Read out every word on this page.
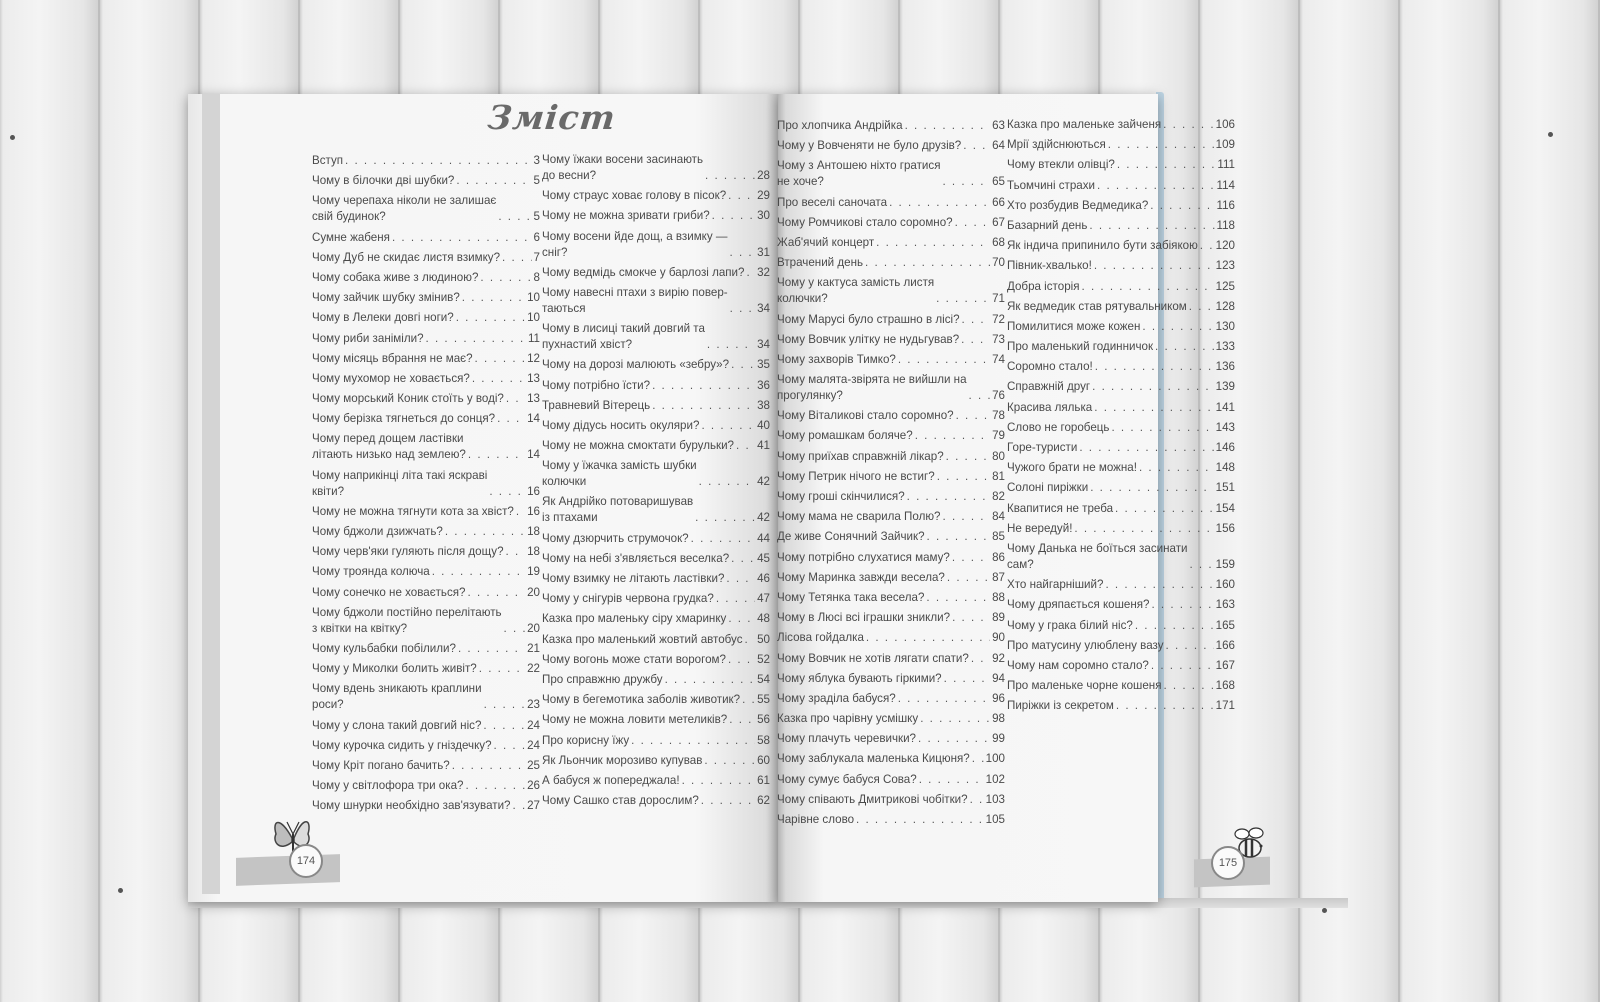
Зміст
Вступ . . .	3
Чому в білочки дві шубки? . . .	5
Чому черепаха ніколи не залишає
свій будинок? . . .	5
Сумне жабеня . . .	6
Чому Дуб не скидає листя взимку? . . .	7
Чому собака живе з людиною? . . .	8
Чому зайчик шубку змінив? . . .	10
Чому в Лелеки довгі ноги? . . .	10
Чому риби заніміли? . . .	11
Чому місяць вбрання не має? . . .	12
Чому мухомор не ховається? . . .	13
Чому морський Коник стоїть у воді? . . . 13
Чому берізка тягнеться до сонця? . . .	14
Чому перед дощем ластівки
літають низько над землею? . . .	14
Чому наприкінці літа такі яскраві
квіти? . . .	16
Чому не можна тягнути кота за хвіст? . . . 16
Чому бджоли дзижчать? . . .	18
Чому черв'яки гуляють після дощу? . . . 18
Чому троянда колюча . . .	19
Чому сонечко не ховається? . . .	20
Чому бджоли постійно перелітають
з квітки на квітку? . . .	20
Чому кульбабки побілили? . . .	21
Чому у Миколки болить живіт? . . .	22
Чому вдень зникають краплини
роси? . . .	23
Чому у слона такий довгий ніс? . . .	24
Чому курочка сидить у гніздечку? . . .	24
Чому Кріт погано бачить? . . .	25
Чому у світлофора три ока? . . .	26
Чому шнурки необхідно зав'язувати? . . . 27
Чому їжаки восени засинають
до весни? . . .	28
Чому страус ховає голову в пісок? . . .	29
Чому не можна зривати гриби? . . .	30
Чому восени йде дощ, а взимку —
сніг? . . .	31
Чому ведмідь смокче у барлозі лапи? . . . 32
Чому навесні птахи з вирію повер-
таються . . .	34
Чому в лисиці такий довгий та
пухнастий хвіст? . . .	34
Чому на дорозі малюють «зебру»? . . . 35
Чому потрібно їсти? . . .	36
Травневий Вітерець . . .	38
Чому дідусь носить окуляри? . . .	40
Чому не можна смоктати бурульки? . . . 41
Чому у їжачка замість шубки
колючки . . .	42
Як Андрійко потоваришував
із птахами . . .	42
Чому дзюрчить струмочок? . . .	44
Чому на небі з'являється веселка? . . . 45
Чому взимку не літають ластівки? . . .	46
Чому у снігурів червона грудка? . . .	47
Казка про маленьку сіру хмаринку . . .	48
Казка про маленький жовтий автобус . . . 50
Чому вогонь може стати ворогом? . . .	52
Про справжню дружбу . . .	54
Чому в бегемотика заболів животик? . . . 55
Чому не можна ловити метеликів? . . .	56
Про корисну їжу . . .	58
Як Льончик морозиво купував . . .	60
А бабуся ж попереджала! . . .	61
Чому Сашко став дорослим? . . .	62
Про хлопчика Андрійка . . .	63
Чому у Вовченяти не було друзів? . . .	64
Чому з Антошею ніхто гратися
не хоче? . . .	65
Про веселі саночата . . .	66
Чому Ромчикові стало соромно? . . .	67
Жаб'ячий концерт . . .	68
Втрачений день . . .	70
Чому у кактуса замість листя
колючки? . . .	71
Чому Марусі було страшно в лісі? . . .	72
Чому Вовчик улітку не нудьгував? . . .	73
Чому захворів Тимко? . . .	74
Чому малята-звірята не вийшли на
прогулянку? . . .	76
Чому Віталикові стало соромно? . . .	78
Чому ромашкам боляче? . . .	79
Чому приїхав справжній лікар? . . .	80
Чому Петрик нічого не встиг? . . .	81
Чому гроші скінчилися? . . .	82
Чому мама не сварила Полю? . . .	84
Де живе Сонячний Зайчик? . . .	85
Чому потрібно слухатися маму? . . .	86
Чому Маринка завжди весела? . . .	87
Чому Тетянка така весела? . . .	88
Чому в Люсі всі іграшки зникли? . . .	89
Лісова гойдалка . . .	90
Чому Вовчик не хотів лягати спати? . . . 92
Чому яблука бувають гіркими? . . .	94
Чому зраділа бабуся? . . .	96
Казка про чарівну усмішку . . .	98
Чому плачуть черевички? . . .	99
Чому заблукала маленька Кицюня? . . . 100
Чому сумує бабуся Сова? . . .	102
Чому співають Дмитрикові чобітки? . . . 103
Чарівне слово . . .	105
Казка про маленьке зайченя . . .	106
Мрії здійснюються . . .	109
Чому втекли олівці? . . .	111
Тьомчині страхи . . .	114
Хто розбудив Ведмедика? . . .	116
Базарний день . . .	118
Як індича припинило бути забіякою . . . 120
Півник-хвалько! . . .	123
Добра історія . . .	125
Як ведмедик став рятувальником . . . 128
Помилитися може кожен . . .	130
Про маленький годинничок . . .	133
Соромно стало! . . .	136
Справжній друг . . .	139
Красива лялька . . .	141
Слово не горобець . . .	143
Горе-туристи . . .	146
Чужого брати не можна! . . .	148
Солоні пиріжки . . .	151
Квапитися не треба . . .	154
Не вередуй! . . .	156
Чому Данька не боїться засинати
сам? . . .	159
Хто найгарніший? . . .	160
Чому дряпається кошеня? . . .	163
Чому у грака білий ніс? . . .	165
Про матусину улюблену вазу . . .	166
Чому нам соромно стало? . . .	167
Про маленьке чорне кошеня . . .	168
Пиріжки із секретом . . .	171
174	175
